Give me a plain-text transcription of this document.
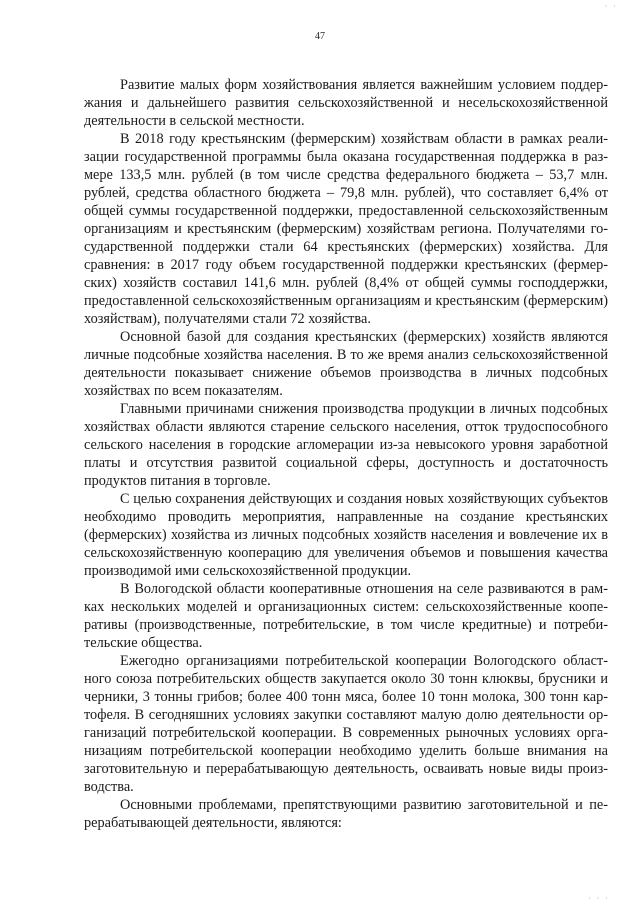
· ·
47

Развитие малых форм хозяйствования является важнейшим условием поддержания и дальнейшего развития сельскохозяйственной и несельскохозяйственной деятельности в сельской местности.

В 2018 году крестьянским (фермерским) хозяйствам области в рамках реализации государственной программы была оказана государственная поддержка в размере 133,5 млн. рублей (в том числе средства федерального бюджета – 53,7 млн. рублей, средства областного бюджета – 79,8 млн. рублей), что составляет 6,4% от общей суммы государственной поддержки, предоставленной сельскохозяйственным организациям и крестьянским (фермерским) хозяйствам региона. Получателями государственной поддержки стали 64 крестьянских (фермерских) хозяйства. Для сравнения: в 2017 году объем государственной поддержки крестьянских (фермерских) хозяйств составил 141,6 млн. рублей (8,4% от общей суммы господдержки, предоставленной сельскохозяйственным организациям и крестьянским (фермерским) хозяйствам), получателями стали 72 хозяйства.

Основной базой для создания крестьянских (фермерских) хозяйств являются личные подсобные хозяйства населения. В то же время анализ сельскохозяйственной деятельности показывает снижение объемов производства в личных подсобных хозяйствах по всем показателям.

Главными причинами снижения производства продукции в личных подсобных хозяйствах области являются старение сельского населения, отток трудоспособного сельского населения в городские агломерации из-за невысокого уровня заработной платы и отсутствия развитой социальной сферы, доступность и достаточность продуктов питания в торговле.

С целью сохранения действующих и создания новых хозяйствующих субъектов необходимо проводить мероприятия, направленные на создание крестьянских (фермерских) хозяйства из личных подсобных хозяйств населения и вовлечение их в сельскохозяйственную кооперацию для увеличения объемов и повышения качества производимой ими сельскохозяйственной продукции.

В Вологодской области кооперативные отношения на селе развиваются в рамках нескольких моделей и организационных систем: сельскохозяйственные кооперативы (производственные, потребительские, в том числе кредитные) и потребительские общества.

Ежегодно организациями потребительской кооперации Вологодского областного союза потребительских обществ закупается около 30 тонн клюквы, брусники и черники, 3 тонны грибов; более 400 тонн мяса, более 10 тонн молока, 300 тонн картофеля. В сегодняшних условиях закупки составляют малую долю деятельности организаций потребительской кооперации. В современных рыночных условиях организациям потребительской кооперации необходимо уделить больше внимания на заготовительную и перерабатывающую деятельность, осваивать новые виды производства.

Основными проблемами, препятствующими развитию заготовительной и перерабатывающей деятельности, являются:

· · ·
